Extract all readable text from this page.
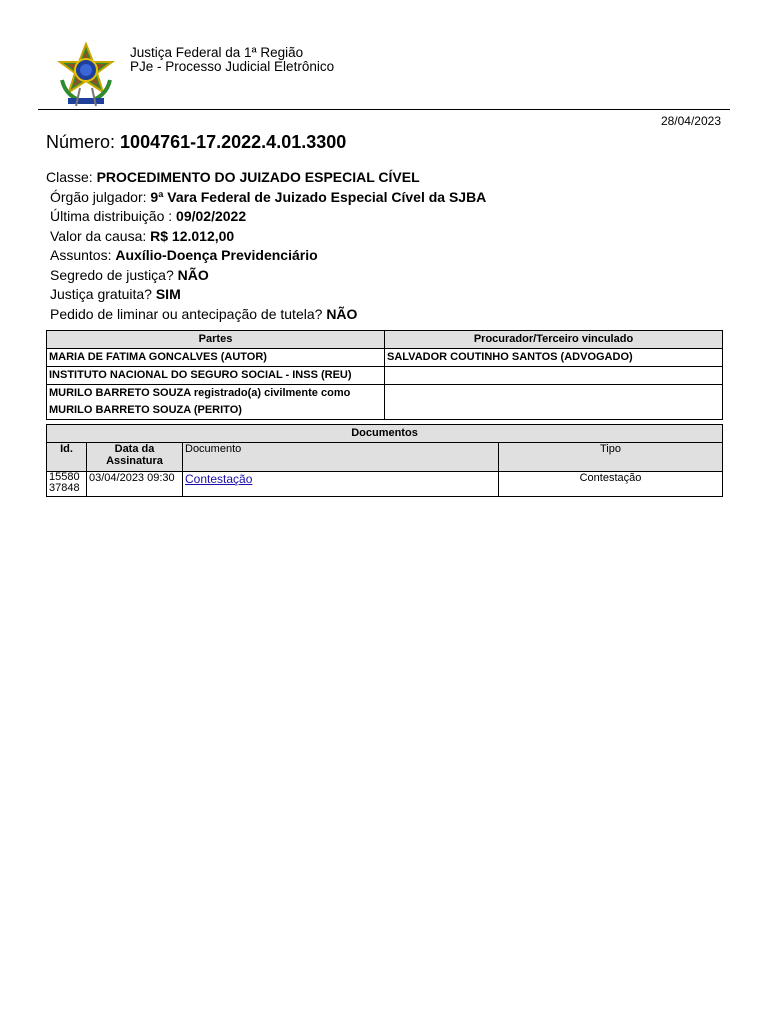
Justiça Federal da 1ª Região
PJe - Processo Judicial Eletrônico
28/04/2023
Número: 1004761-17.2022.4.01.3300
Classe: PROCEDIMENTO DO JUIZADO ESPECIAL CÍVEL
Órgão julgador: 9ª Vara Federal de Juizado Especial Cível da SJBA
Última distribuição : 09/02/2022
Valor da causa: R$ 12.012,00
Assuntos: Auxílio-Doença Previdenciário
Segredo de justiça? NÃO
Justiça gratuita? SIM
Pedido de liminar ou antecipação de tutela? NÃO
Partes	Procurador/Terceiro vinculado
MARIA DE FATIMA GONCALVES (AUTOR)	SALVADOR COUTINHO SANTOS (ADVOGADO)
INSTITUTO NACIONAL DO SEGURO SOCIAL - INSS (REU)	
MURILO BARRETO SOUZA registrado(a) civilmente como MURILO BARRETO SOUZA (PERITO)	
Documentos			
Id.	Data da Assinatura	Documento	Tipo
15580 37848	03/04/2023 09:30	Contestação	Contestação
